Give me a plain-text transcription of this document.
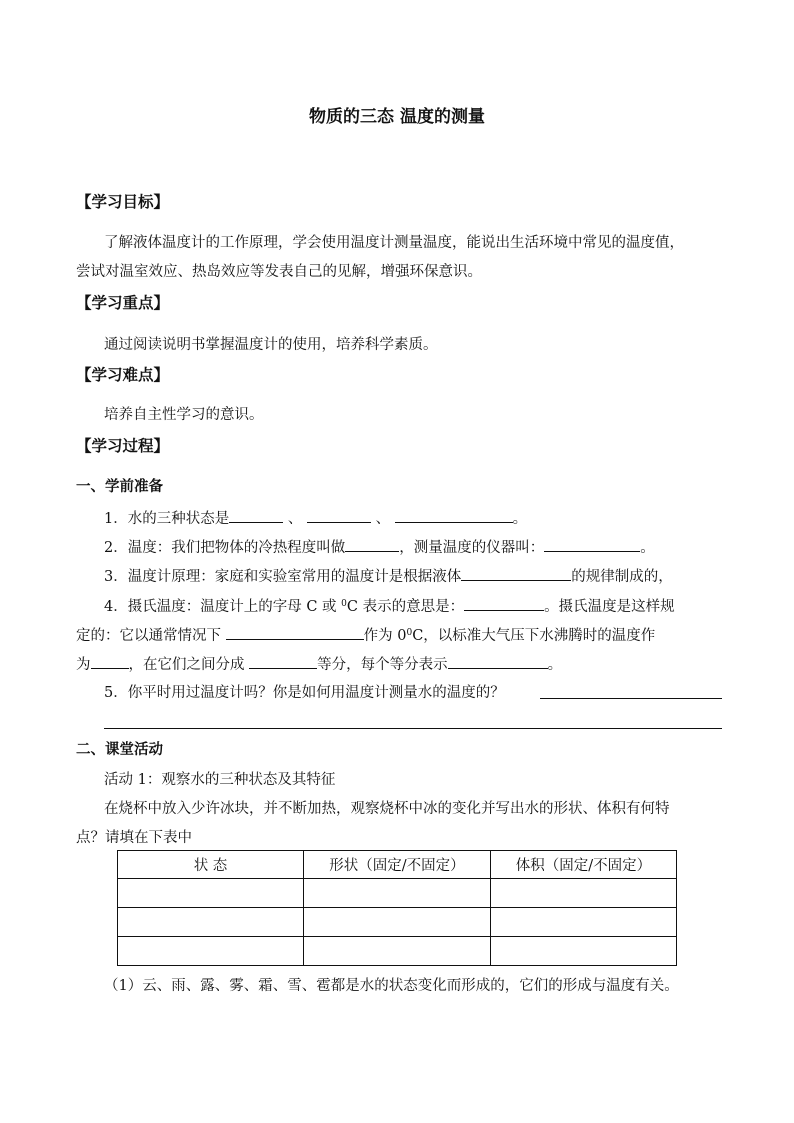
物质的三态 温度的测量
【学习目标】
了解液体温度计的工作原理，学会使用温度计测量温度，能说出生活环境中常见的温度值，
尝试对温室效应、热岛效应等发表自己的见解，增强环保意识。
【学习重点】
通过阅读说明书掌握温度计的使用，培养科学素质。
【学习难点】
培养自主性学习的意识。
【学习过程】
一、学前准备
1．水的三种状态是	、	、	。
2．温度：我们把物体的冷热程度叫做	，测量温度的仪器叫：	。
3．温度计原理：家庭和实验室常用的温度计是根据液体	的规律制成的，
4．摄氏温度：温度计上的字母 C 或 $^0$C 表示的意思是：	。摄氏温度是这样规
定的：它以通常情况下	作为 $0^0C$，以标准大气压下水沸腾时的温度作
为	，在它们之间分成	等分，每个等分表示	。
5．你平时用过温度计吗？你是如何用温度计测量水的温度的？
二、课堂活动
活动 1：观察水的三种状态及其特征
在烧杯中放入少许冰块，并不断加热，观察烧杯中冰的变化并写出水的形状、体积有何特
点？请填在下表中
状 态	形状（固定/不固定）	体积（固定/不固定）

（1）云、雨、露、雾、霜、雪、雹都是水的状态变化而形成的，它们的形成与温度有关。
